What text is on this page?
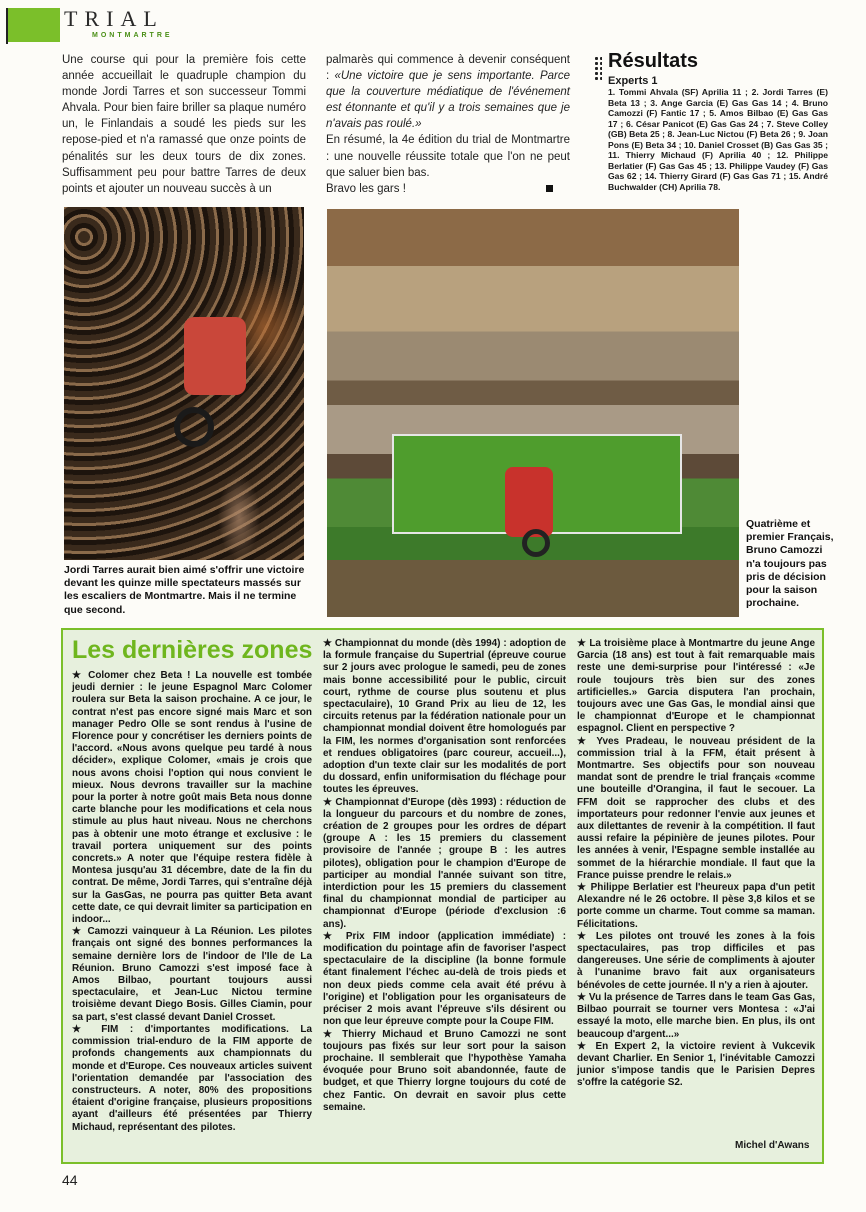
TRIAL
MONTMARTRE
Une course qui pour la première fois cette année accueillait le quadruple champion du monde Jordi Tarres et son successeur Tommi Ahvala. Pour bien faire briller sa plaque numéro un, le Finlandais a soudé les pieds sur les repose-pied et n'a ramassé que onze points de pénalités sur les deux tours de dix zones. Suffisamment peu pour battre Tarres de deux points et ajouter un nouveau succès à un

palmarès qui commence à devenir conséquent : «Une victoire que je sens importante. Parce que la couverture médiatique de l'événement est étonnante et qu'il y a trois semaines que je n'avais pas roulé.»

En résumé, la 4e édition du trial de Montmartre : une nouvelle réussite totale que l'on ne peut que saluer bien bas.

Bravo les gars !

Résultats
Experts 1
1. Tommi Ahvala (SF) Aprilia 11 ; 2. Jordi Tarres (E) Beta 13 ; 3. Ange Garcia (E) Gas Gas 14 ; 4. Bruno Camozzi (F) Fantic 17 ; 5. Amos Bilbao (E) Gas Gas 17 ; 6. César Panicot (E) Gas Gas 24 ; 7. Steve Colley (GB) Beta 25 ; 8. Jean-Luc Nictou (F) Beta 26 ; 9. Joan Pons (E) Beta 34 ; 10. Daniel Crosset (B) Gas Gas 35 ; 11. Thierry Michaud (F) Aprilia 40 ; 12. Philippe Berlatier (F) Gas Gas 45 ; 13. Philippe Vaudey (F) Gas Gas 62 ; 14. Thierry Girard (F) Gas Gas 71 ; 15. André Buchwalder (CH) Aprilia 78.
Jordi Tarres aurait bien aimé s'offrir une victoire devant les quinze mille spectateurs massés sur les escaliers de Montmartre. Mais il ne termine que second.
Quatrième et premier Français, Bruno Camozzi n'a toujours pas pris de décision pour la saison prochaine.
Les dernières zones

★ Colomer chez Beta ! La nouvelle est tombée jeudi dernier : le jeune Espagnol Marc Colomer roulera sur Beta la saison prochaine. A ce jour, le contrat n'est pas encore signé mais Marc et son manager Pedro Olle se sont rendus à l'usine de Florence pour y concrétiser les derniers points de l'accord. «Nous avons quelque peu tardé à nous décider», explique Colomer, «mais je crois que nous avons choisi l'option qui nous convient le mieux. Nous devrons travailler sur la machine pour la porter à notre goût mais Beta nous donne carte blanche pour les modifications et cela nous stimule au plus haut niveau. Nous ne cherchons pas à obtenir une moto étrange et exclusive : le travail portera uniquement sur des points concrets.» A noter que l'équipe restera fidèle à Montesa jusqu'au 31 décembre, date de la fin du contrat. De même, Jordi Tarres, qui s'entraîne déjà sur la GasGas, ne pourra pas quitter Beta avant cette date, ce qui devrait limiter sa participation en indoor...

★ Camozzi vainqueur à La Réunion. Les pilotes français ont signé des bonnes performances la semaine dernière lors de l'indoor de l'Ile de La Réunion. Bruno Camozzi s'est imposé face à Amos Bilbao, pourtant toujours aussi spectaculaire, et Jean-Luc Nictou termine troisième devant Diego Bosis. Gilles Ciamin, pour sa part, s'est classé devant Daniel Crosset.

★ FIM : d'importantes modifications. La commission trial-enduro de la FIM apporte de profonds changements aux championnats du monde et d'Europe. Ces nouveaux articles suivent l'orientation demandée par l'association des constructeurs. A noter, 80% des propositions étaient d'origine française, plusieurs propositions ayant d'ailleurs été présentées par Thierry Michaud, représentant des pilotes.

★ Championnat du monde (dès 1994) : adoption de la formule française du Supertrial (épreuve courue sur 2 jours avec prologue le samedi, peu de zones mais bonne accessibilité pour le public, circuit court, rythme de course plus soutenu et plus spectaculaire), 10 Grand Prix au lieu de 12, les circuits retenus par la fédération nationale pour un championnat mondial doivent être homologués par la FIM, les normes d'organisation sont renforcées et rendues obligatoires (parc coureur, accueil...), adoption d'un texte clair sur les modalités de port du dossard, enfin uniformisation du fléchage pour toutes les épreuves.

★ Championnat d'Europe (dès 1993) : réduction de la longueur du parcours et du nombre de zones, création de 2 groupes pour les ordres de départ (groupe A : les 15 premiers du classement provisoire de l'année ; groupe B : les autres pilotes), obligation pour le champion d'Europe de participer au mondial l'année suivant son titre, interdiction pour les 15 premiers du classement final du championnat mondial de participer au championnat d'Europe (période d'exclusion :6 ans).

★ Prix FIM indoor (application immédiate) : modification du pointage afin de favoriser l'aspect spectaculaire de la discipline (la bonne formule étant finalement l'échec au-delà de trois pieds et non deux pieds comme cela avait été prévu à l'origine) et l'obligation pour les organisateurs de préciser 2 mois avant l'épreuve s'ils désirent ou non que leur épreuve compte pour la Coupe FIM.

★ Thierry Michaud et Bruno Camozzi ne sont toujours pas fixés sur leur sort pour la saison prochaine. Il semblerait que l'hypothèse Yamaha évoquée pour Bruno soit abandonnée, faute de budget, et que Thierry lorgne toujours du coté de chez Fantic. On devrait en savoir plus cette semaine.

★ La troisième place à Montmartre du jeune Ange Garcia (18 ans) est tout à fait remarquable mais reste une demi-surprise pour l'intéressé : «Je roule toujours très bien sur des zones artificielles.» Garcia disputera l'an prochain, toujours avec une Gas Gas, le mondial ainsi que le championnat d'Europe et le championnat espagnol. Client en perspective ?

★ Yves Pradeau, le nouveau président de la commission trial à la FFM, était présent à Montmartre. Ses objectifs pour son nouveau mandat sont de prendre le trial français «comme une bouteille d'Orangina, il faut le secouer. La FFM doit se rapprocher des clubs et des importateurs pour redonner l'envie aux jeunes et aux dilettantes de revenir à la compétition. Il faut aussi refaire la pépinière de jeunes pilotes. Pour les années à venir, l'Espagne semble installée au sommet de la hiérarchie mondiale. Il faut que la France puisse prendre le relais.»

★ Philippe Berlatier est l'heureux papa d'un petit Alexandre né le 26 octobre. Il pèse 3,8 kilos et se porte comme un charme. Tout comme sa maman. Félicitations.

★ Les pilotes ont trouvé les zones à la fois spectaculaires, pas trop difficiles et pas dangereuses. Une série de compliments à ajouter à l'unanime bravo fait aux organisateurs bénévoles de cette journée. Il n'y a rien à ajouter.

★ Vu la présence de Tarres dans le team Gas Gas, Bilbao pourrait se tourner vers Montesa : «J'ai essayé la moto, elle marche bien. En plus, ils ont beaucoup d'argent...»

★ En Expert 2, la victoire revient à Vukcevik devant Charlier. En Senior 1, l'inévitable Camozzi junior s'impose tandis que le Parisien Depres s'offre la catégorie S2.

Michel d'Awans
44
